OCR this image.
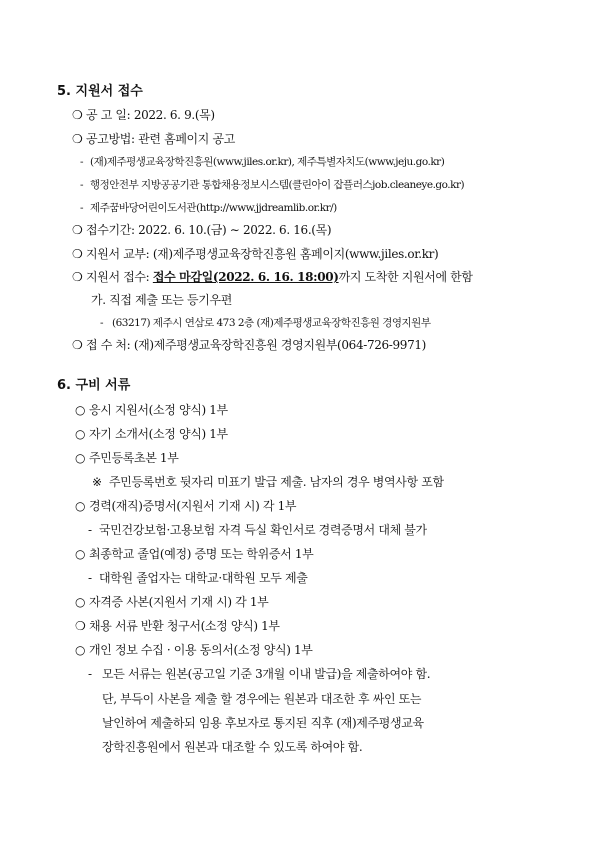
5. 지원서 접수
❍ 공 고 일: 2022. 6. 9.(목)
❍ 공고방법: 관련 홈페이지 공고
- (재)제주평생교육장학진흥원(www.jiles.or.kr), 제주특별자치도(www.jeju.go.kr)
- 행정안전부 지방공공기관 통합채용정보시스템(클린아이 잡플러스job.cleaneye.go.kr)
- 제주꿈바당어린이도서관(http://www.jjdreamlib.or.kr/)
❍ 접수기간: 2022. 6. 10.(금) ∼ 2022. 6. 16.(목)
❍ 지원서 교부: (재)제주평생교육장학진흥원 홈페이지(www.jiles.or.kr)
❍ 지원서 접수: 접수 마감일(2022. 6. 16. 18:00)까지 도착한 지원서에 한함
가. 직접 제출 또는 등기우편
- (63217) 제주시 연삼로 473 2층 (재)제주평생교육장학진흥원 경영지원부
❍ 접 수 처: (재)제주평생교육장학진흥원 경영지원부(064-726-9971)
6. 구비 서류
○ 응시 지원서(소정 양식) 1부
○ 자기 소개서(소정 양식) 1부
○ 주민등록초본 1부
※ 주민등록번호 뒷자리 미표기 발급 제출. 남자의 경우 병역사항 포함
○ 경력(재직)증명서(지원서 기재 시) 각 1부
- 국민건강보험·고용보험 자격 득실 확인서로 경력증명서 대체 불가
○ 최종학교 졸업(예정) 증명 또는 학위증서 1부
- 대학원 졸업자는 대학교·대학원 모두 제출
○ 자격증 사본(지원서 기재 시) 각 1부
❍ 채용 서류 반환 청구서(소정 양식) 1부
○ 개인 정보 수집 · 이용 동의서(소정 양식) 1부
- 모든 서류는 원본(공고일 기준 3개월 이내 발급)을 제출하여야 함.
단, 부득이 사본을 제출 할 경우에는 원본과 대조한 후 싸인 또는
날인하여 제출하되 임용 후보자로 통지된 직후 (재)제주평생교육
장학진흥원에서 원본과 대조할 수 있도록 하여야 함.
